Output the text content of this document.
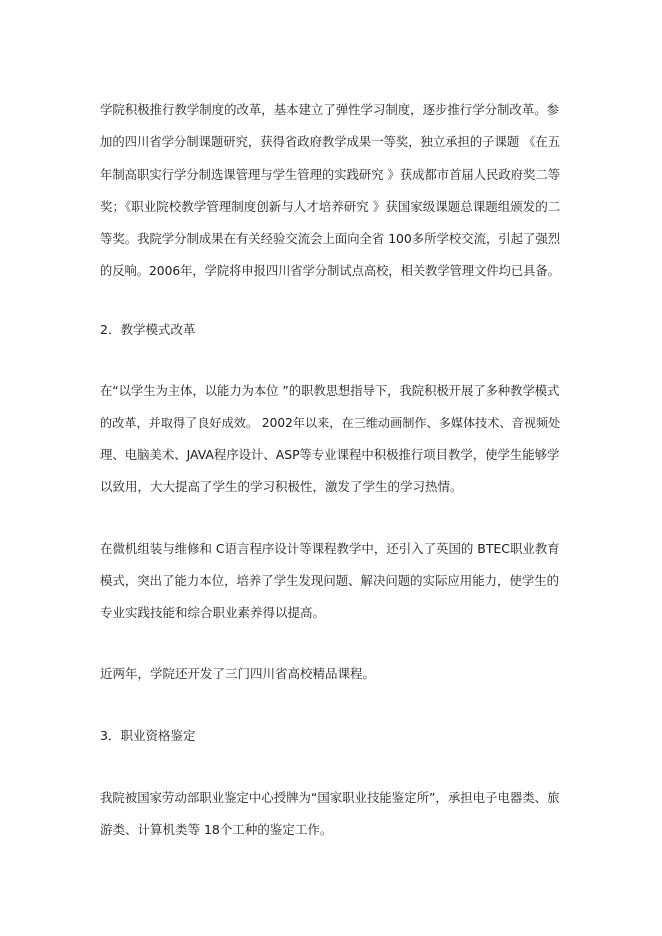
学院积极推行教学制度的改革，基本建立了弹性学习制度，逐步推行学分制改革。参
加的四川省学分制课题研究，获得省政府教学成果一等奖，独立承担的子课题 《在五
年制高职实行学分制选课管理与学生管理的实践研究 》获成都市首届人民政府奖二等
奖；《职业院校教学管理制度创新与人才培养研究 》获国家级课题总课题组颁发的二
等奖。我院学分制成果在有关经验交流会上面向全省 100多所学校交流，引起了强烈
的反响。2006年，学院将申报四川省学分制试点高校，相关教学管理文件均已具备。
2．教学模式改革
在“以学生为主体，以能力为本位 ”的职教思想指导下，我院积极开展了多种教学模式
的改革，并取得了良好成效。 2002年以来，在三维动画制作、多媒体技术、音视频处
理、电脑美术、JAVA程序设计、ASP等专业课程中积极推行项目教学，使学生能够学
以致用，大大提高了学生的学习积极性，激发了学生的学习热情。
在微机组装与维修和 C语言程序设计等课程教学中，还引入了英国的 BTEC职业教育
模式，突出了能力本位，培养了学生发现问题、解决问题的实际应用能力，使学生的
专业实践技能和综合职业素养得以提高。
近两年，学院还开发了三门四川省高校精品课程。
3．职业资格鉴定
我院被国家劳动部职业鉴定中心授牌为“国家职业技能鉴定所”，承担电子电器类、旅
游类、计算机类等 18个工种的鉴定工作。
